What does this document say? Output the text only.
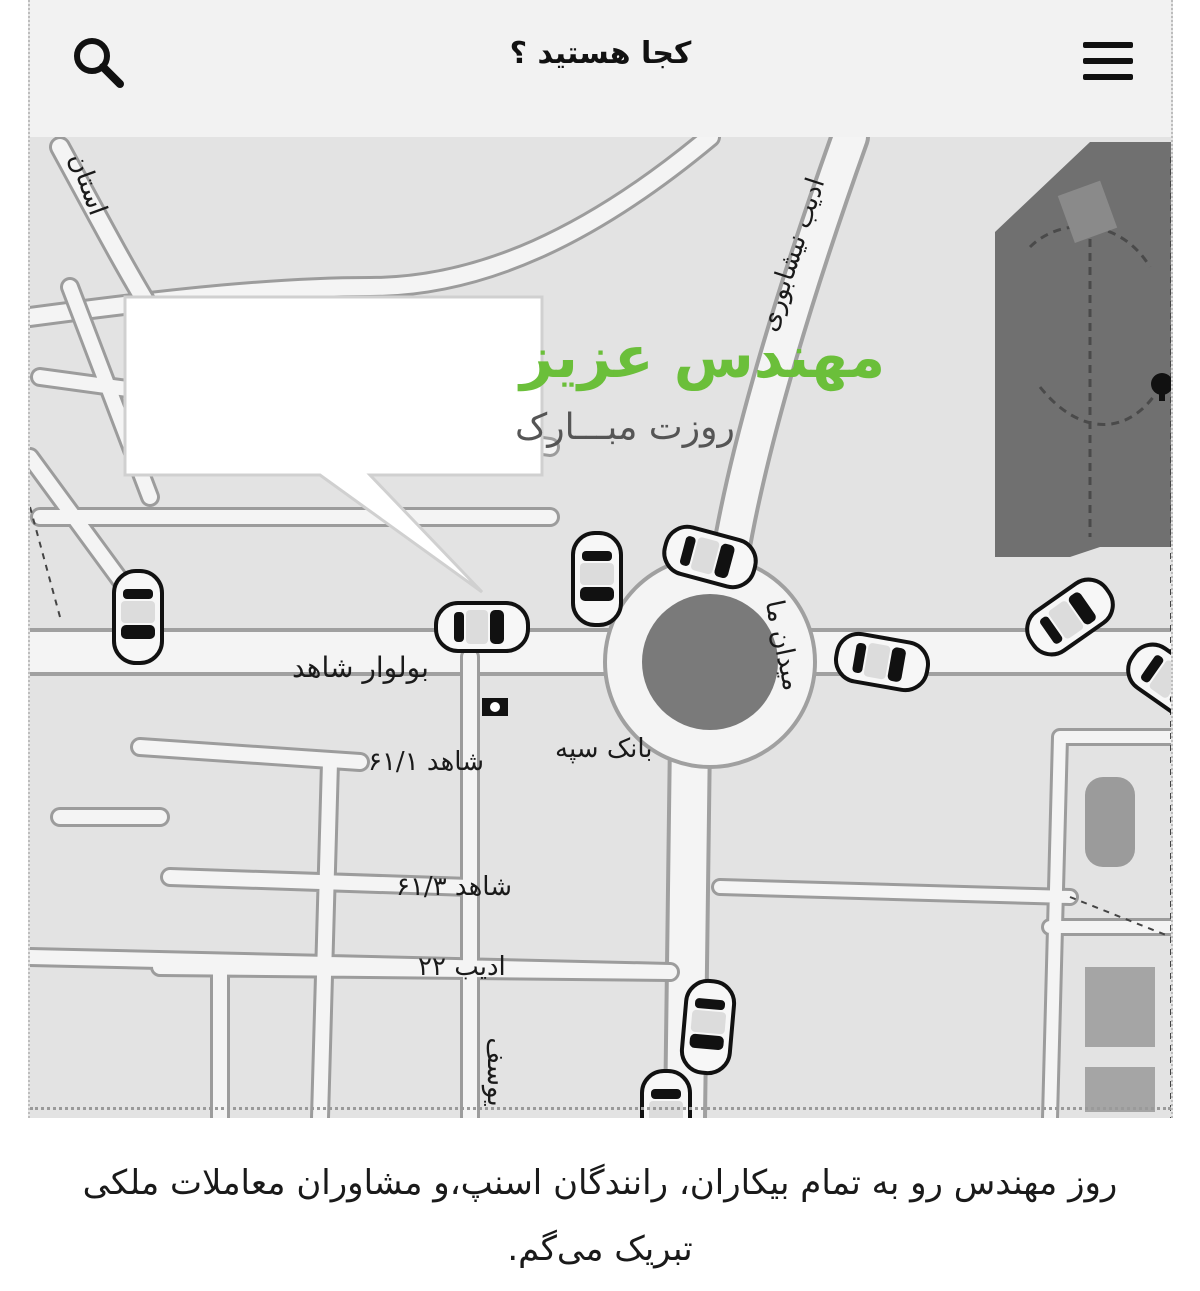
کجا هستید ؟
بولوار شاهد
شاهد ۶۱/۱
شاهد ۶۱/۳
ادیب ۲۲
ادیب نیشابوری
میدان ما
استان
یوسف
بانک سپه
مهندس عزیز
روزت مبـــارک
روز مهندس رو به تمام بیکاران، رانندگان اسنپ،و مشاوران معاملات ملکی تبریک می‌گم.
